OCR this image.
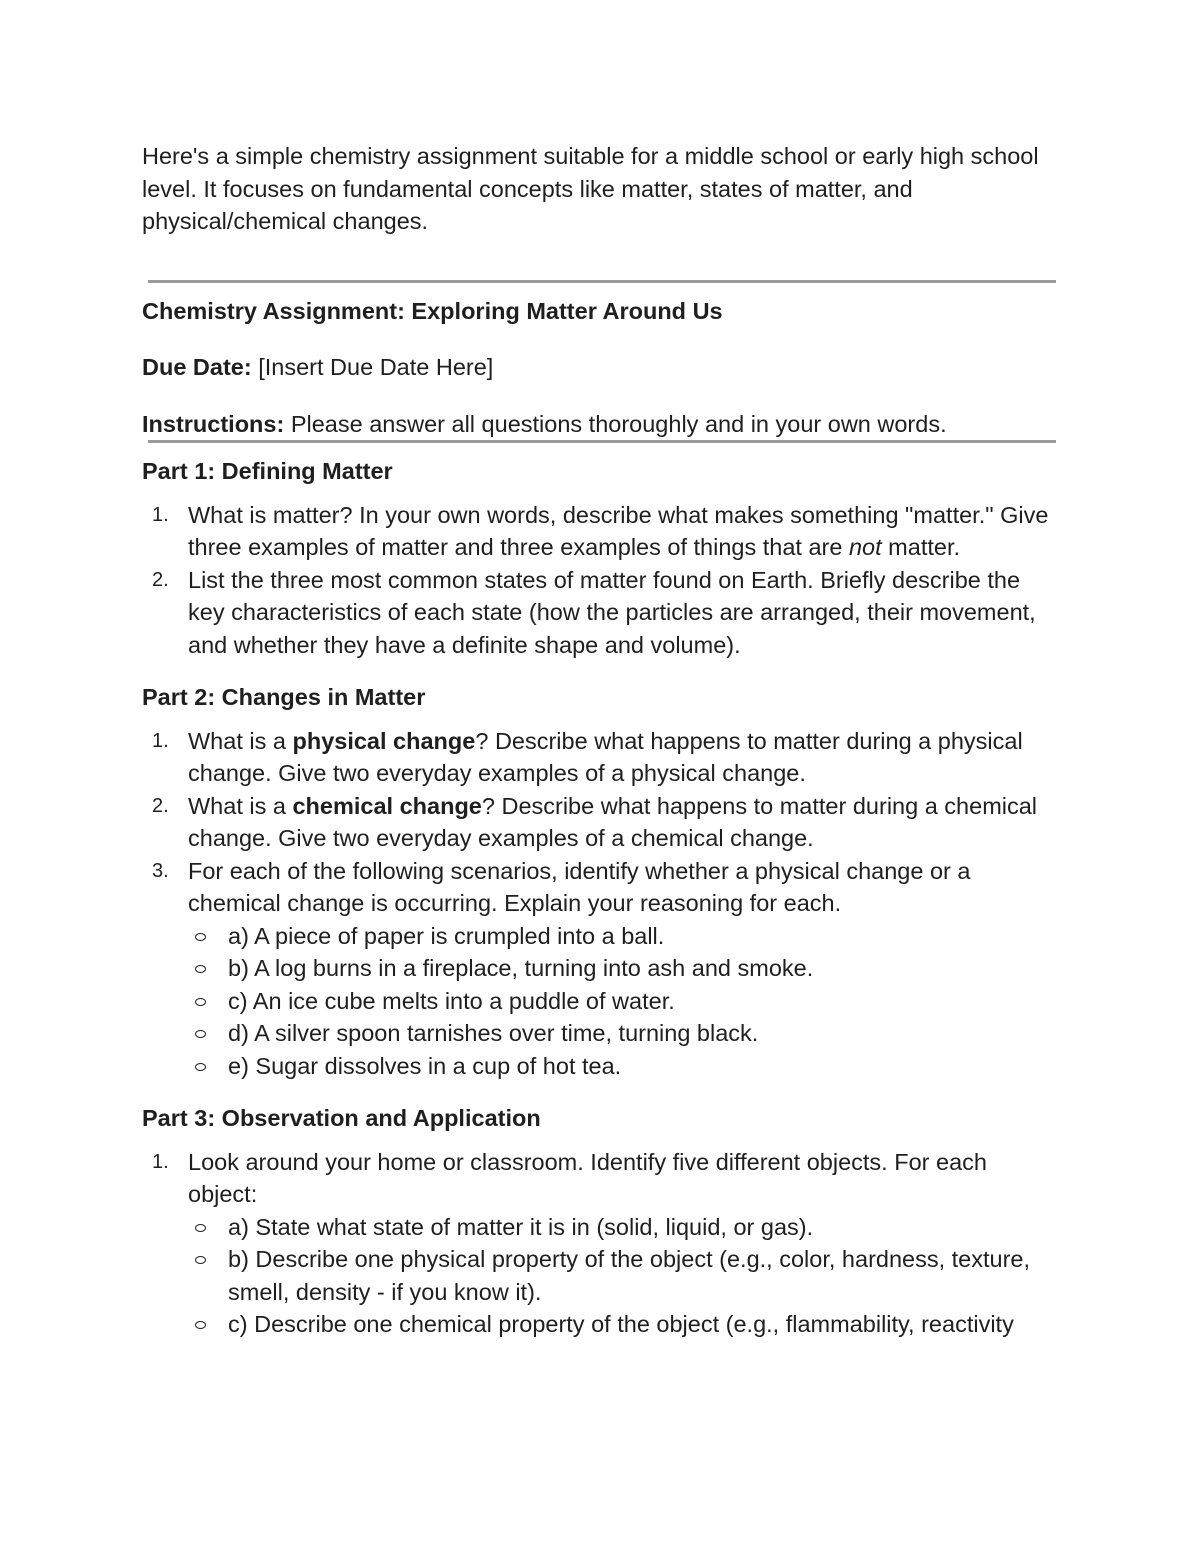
Here's a simple chemistry assignment suitable for a middle school or early high school level. It focuses on fundamental concepts like matter, states of matter, and physical/chemical changes.

Chemistry Assignment: Exploring Matter Around Us

Due Date: [Insert Due Date Here]

Instructions: Please answer all questions thoroughly and in your own words.

Part 1: Defining Matter
1. What is matter? In your own words, describe what makes something "matter." Give three examples of matter and three examples of things that are not matter.
2. List the three most common states of matter found on Earth. Briefly describe the key characteristics of each state (how the particles are arranged, their movement, and whether they have a definite shape and volume).
Part 2: Changes in Matter
1. What is a physical change? Describe what happens to matter during a physical change. Give two everyday examples of a physical change.
2. What is a chemical change? Describe what happens to matter during a chemical change. Give two everyday examples of a chemical change.
3. For each of the following scenarios, identify whether a physical change or a chemical change is occurring. Explain your reasoning for each.
a) A piece of paper is crumpled into a ball.
b) A log burns in a fireplace, turning into ash and smoke.
c) An ice cube melts into a puddle of water.
d) A silver spoon tarnishes over time, turning black.
e) Sugar dissolves in a cup of hot tea.
Part 3: Observation and Application
1. Look around your home or classroom. Identify five different objects. For each object:
a) State what state of matter it is in (solid, liquid, or gas).
b) Describe one physical property of the object (e.g., color, hardness, texture, smell, density - if you know it).
c) Describe one chemical property of the object (e.g., flammability, reactivity
